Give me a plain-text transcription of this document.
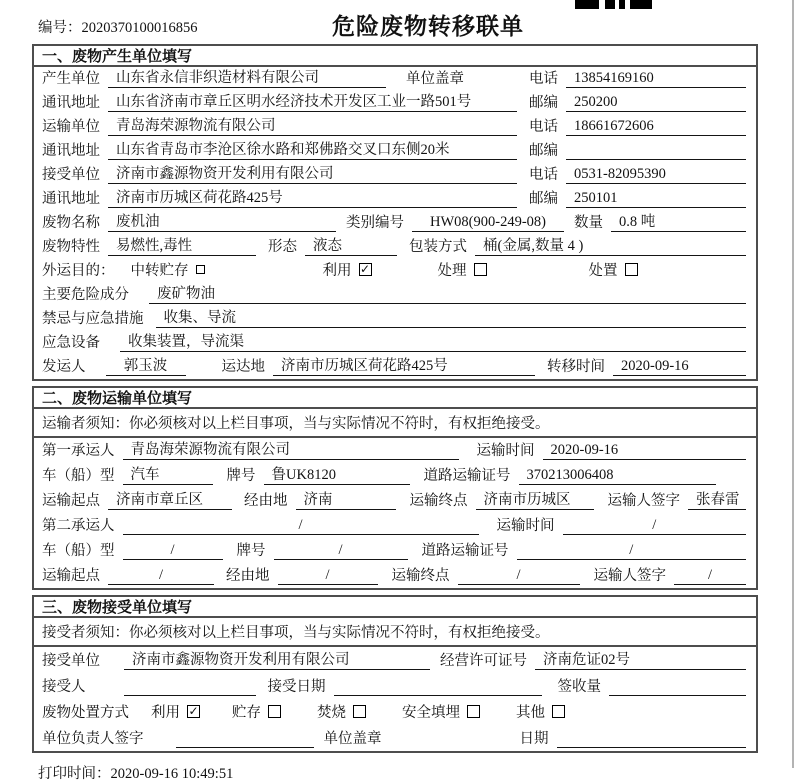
编号：2020370100016856	危险废物转移联单
一、废物产生单位填写
产生单位	山东省永信非织造材料有限公司	单位盖章	电话	13854169160
通讯地址	山东省济南市章丘区明水经济技术开发区工业一路501号	邮编	250200
运输单位	青岛海荣源物流有限公司	电话	18661672606
通讯地址	山东省青岛市李沧区徐水路和郑佛路交叉口东侧20米	邮编
接受单位	济南市鑫源物资开发利用有限公司	电话	0531-82095390
通讯地址	济南市历城区荷花路425号	邮编	250101
废物名称	废机油	类别编号	HW08(900-249-08)	数量	0.8 吨
废物特性	易燃性,毒性	形态	液态	包装方式	桶(金属,数量 4 )
外运目的： 中转贮存	利用 ✓	处理	处置
主要危险成分	废矿物油
禁忌与应急措施	收集、导流
应急设备	收集装置，导流渠
发运人	郭玉波	运达地	济南市历城区荷花路425号	转移时间	2020-09-16
二、废物运输单位填写
运输者须知：你必须核对以上栏目事项，当与实际情况不符时，有权拒绝接受。
第一承运人	青岛海荣源物流有限公司	运输时间	2020-09-16
车（船）型	汽车	牌号	鲁UK8120	道路运输证号	370213006408
运输起点	济南市章丘区	经由地	济南	运输终点	济南市历城区	运输人签字	张春雷
第二承运人	/	运输时间	/
车（船）型	/	牌号	/	道路运输证号	/
运输起点	/	经由地	/	运输终点	/	运输人签字	/
三、废物接受单位填写
接受者须知：你必须核对以上栏目事项，当与实际情况不符时，有权拒绝接受。
接受单位	济南市鑫源物资开发利用有限公司	经营许可证号	济南危证02号
接受人	接受日期	签收量
废物处置方式 利用 ✓ 贮存	焚烧	安全填埋	其他
单位负责人签字	单位盖章	日期
打印时间：2020-09-16 10:49:51
